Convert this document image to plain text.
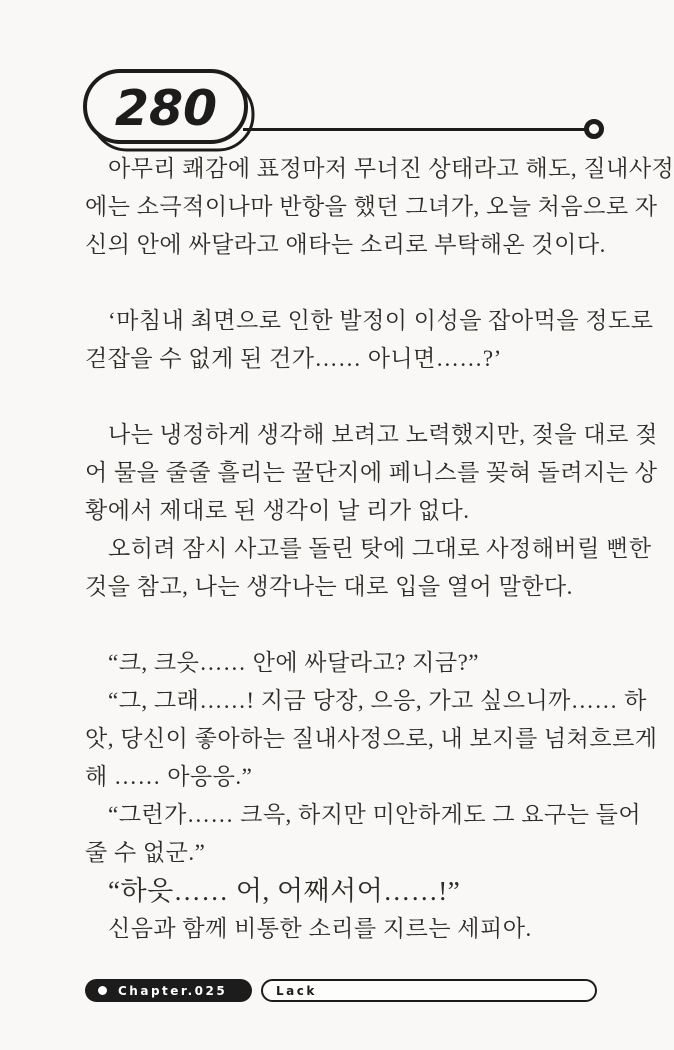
280
아무리 쾌감에 표정마저 무너진 상태라고 해도, 질내사정
에는 소극적이나마 반항을 했던 그녀가, 오늘 처음으로 자
신의 안에 싸달라고 애타는 소리로 부탁해온 것이다.
‘마침내 최면으로 인한 발정이 이성을 잡아먹을 정도로
걷잡을 수 없게 된 건가…… 아니면……?’
나는 냉정하게 생각해 보려고 노력했지만, 젖을 대로 젖
어 물을 줄줄 흘리는 꿀단지에 페니스를 꽂혀 돌려지는 상
황에서 제대로 된 생각이 날 리가 없다.
오히려 잠시 사고를 돌린 탓에 그대로 사정해버릴 뻔한
것을 참고, 나는 생각나는 대로 입을 열어 말한다.
“크, 크읏…… 안에 싸달라고? 지금?”
“그, 그래……! 지금 당장, 으응, 가고 싶으니까…… 하
앗, 당신이 좋아하는 질내사정으로, 내 보지를 넘쳐흐르게
해 …… 아응응.”
“그런가…… 크윽, 하지만 미안하게도 그 요구는 들어
줄 수 없군.”
“하읏…… 어, 어째서어……!”
신음과 함께 비통한 소리를 지르는 세피아.
Chapter.025	Lack
